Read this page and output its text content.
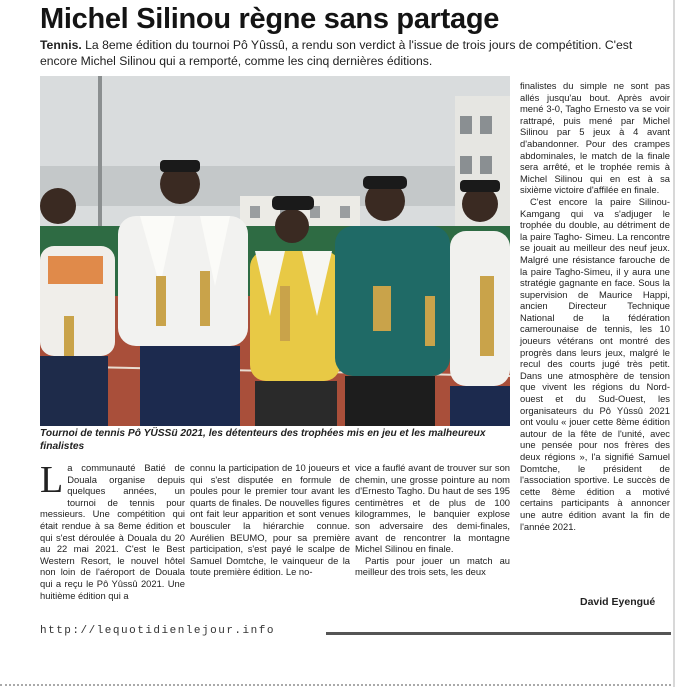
Michel Silinou règne sans partage

Tennis. La 8eme édition du tournoi Pô Yûssû, a rendu son verdict à l'issue de trois jours de compétition. C'est encore Michel Silinou qui a remporté, comme les cinq dernières éditions.

Tournoi de tennis Pô YÜSSü 2021, les détenteurs des trophées mis en jeu et les malheureux finalistes

finalistes du simple ne sont pas allés jusqu'au bout. Après avoir mené 3-0, Tagho Ernesto va se voir rattrapé, puis mené par Michel Silinou par 5 jeux à 4 avant d'abandonner. Pour des crampes abdominales, le match de la finale sera arrêté, et le trophée remis à Michel Silinou qui en est à sa sixième victoire d'affilée en finale.

C'est encore la paire Silinou-Kamgang qui va s'adjuger le trophée du double, au détriment de la paire Tagho- Simeu. La rencontre se jouait au meilleur des neuf jeux. Malgré une résistance farouche de la paire Tagho-Simeu, il y aura une stratégie gagnante en face. Sous la supervision de Maurice Happi, ancien Directeur Technique National de la fédération camerounaise de tennis, les 10 joueurs vétérans ont montré des progrès dans leurs jeux, malgré le recul des courts jugé très petit. Dans une atmosphère de tension que vivent les régions du Nord-ouest et du Sud-Ouest, les organisateurs du Pô Yûssû 2021 ont voulu « jouer cette 8ème édition autour de la fête de l'unité, avec une pensée pour nos frères des deux régions », l'a signifié Samuel Domtche, le président de l'association sportive. Le succès de cette 8ème édition a motivé certains participants à annoncer une autre édition avant la fin de l'année 2021.

L a communauté Batié de Douala organise depuis quelques années, un tournoi de tennis pour messieurs. Une compétition qui était rendue à sa 8eme édition et qui s'est déroulée à Douala du 20 au 22 mai 2021. C'est le Best Western Resort, le nouvel hôtel non loin de l'aéroport de Douala qui a reçu le Pô Yûssû 2021. Une huitième édition qui a

connu la participation de 10 joueurs et qui s'est disputée en formule de poules pour le premier tour avant les quarts de finales. De nouvelles figures ont fait leur apparition et sont venues bousculer la hiérarchie connue. Aurélien BEUMO, pour sa première participation, s'est payé le scalpe de Samuel Domtche, le vainqueur de la toute première édition. Le no-

vice a fauflé avant de trouver sur son chemin, une grosse pointure au nom d'Ernesto Tagho. Du haut de ses 195 centimètres et de plus de 100 kilogrammes, le banquier explose son adversaire des demi-finales, avant de rencontrer la montagne Michel Silinou en finale.

Partis pour jouer un match au meilleur des trois sets, les deux

David Eyengué

http://lequotidienlejour.info
